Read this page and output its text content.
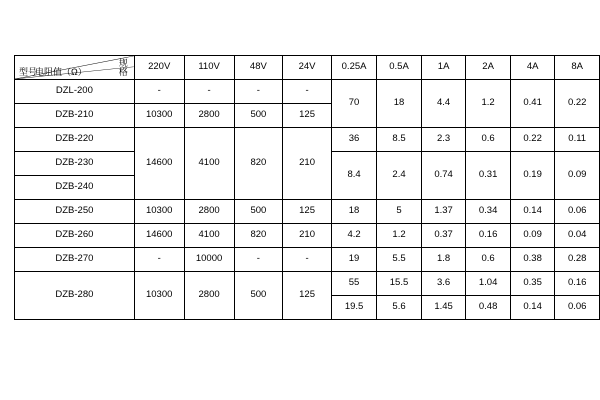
规
格
电阻值（Ω）
型号	220V	110V	48V	24V	0.25A	0.5A	1A	2A	4A	8A

DZL-200	-	-	-	-	70	18	4.4	1.2	0.41	0.22
DZB-210	10300	2800	500	125						
DZB-220	14600	4100	820	210	36	8.5	2.3	0.6	0.22	0.11
DZB-230					8.4	2.4	0.74	0.31	0.19	0.09
DZB-240										
DZB-250	10300	2800	500	125	18	5	1.37	0.34	0.14	0.06
DZB-260	14600	4100	820	210	4.2	1.2	0.37	0.16	0.09	0.04
DZB-270	-	10000	-	-	19	5.5	1.8	0.6	0.38	0.28
DZB-280	10300	2800	500	125	55	15.5	3.6	1.04	0.35	0.16
					19.5	5.6	1.45	0.48	0.14	0.06
